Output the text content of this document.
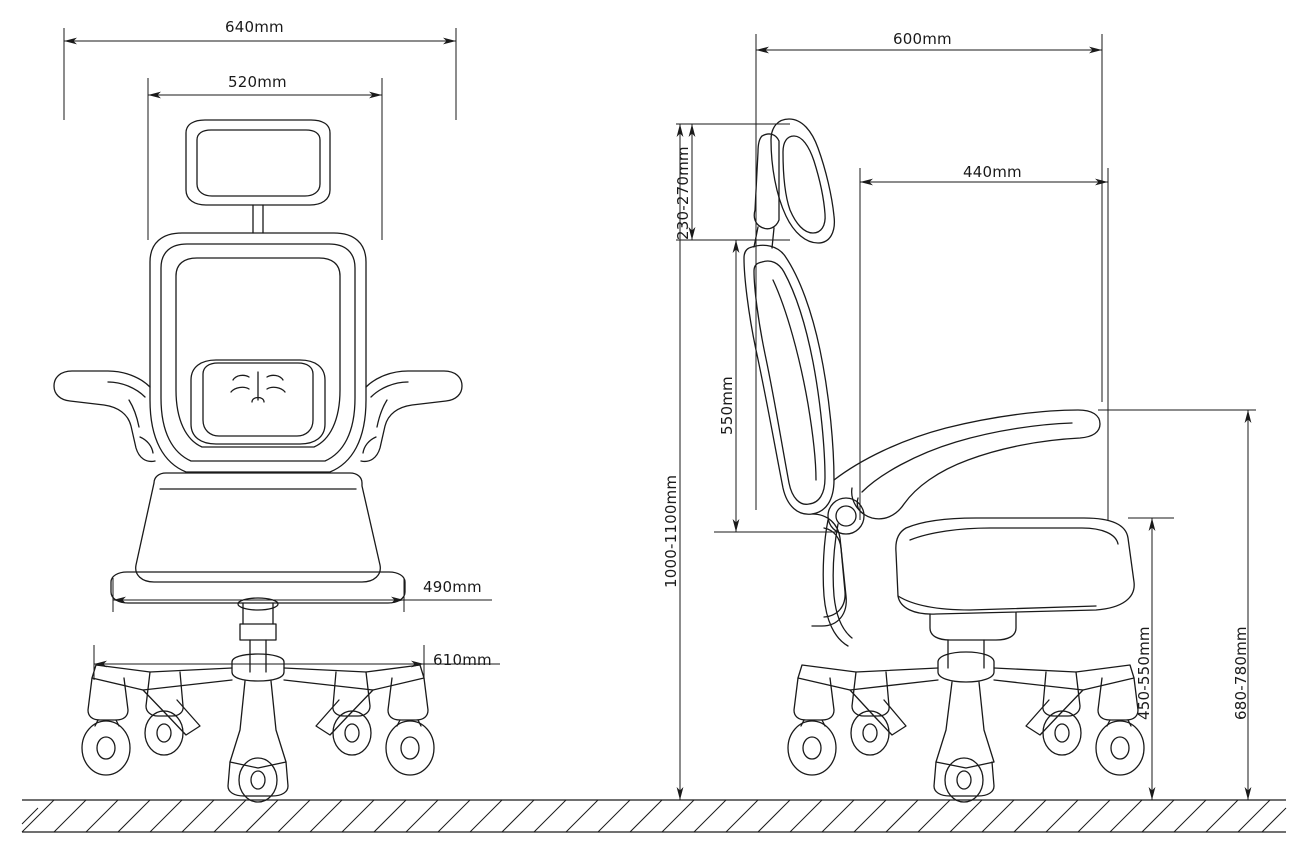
640mm
520mm
490mm
610mm
600mm
440mm
230-270mm
550mm
1000-1100mm
450-550mm	680-780mm
